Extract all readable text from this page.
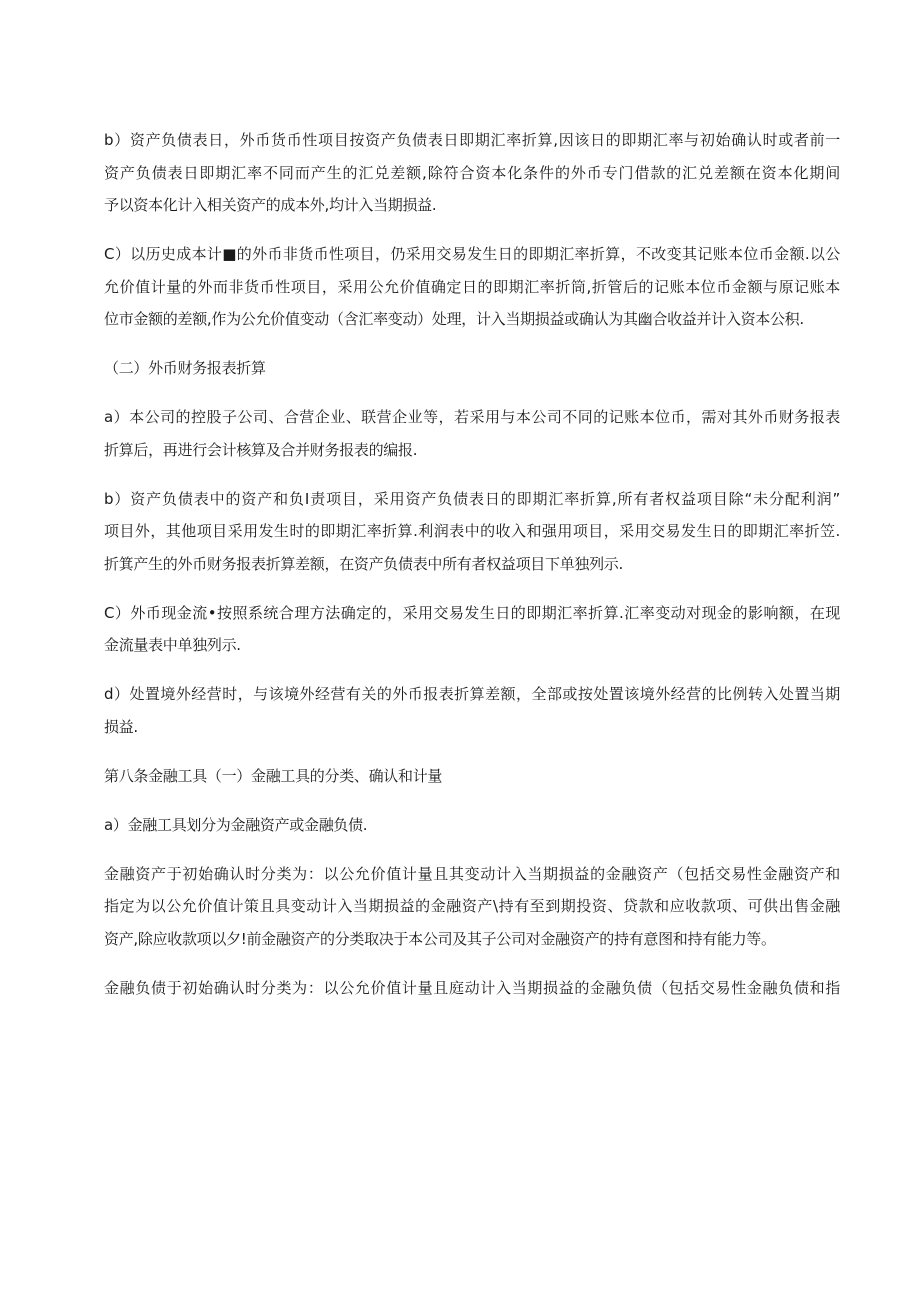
b）资产负债表日，外币货币性项目按资产负债表日即期汇率折算,因该日的即期汇率与初始确认时或者前一
资产负债表日即期汇率不同而产生的汇兑差额,除符合资本化条件的外币专门借款的汇兑差额在资本化期间
予以资本化计入相关资产的成本外,均计入当期损益.

C）以历史成本计■的外币非货币性项目，仍采用交易发生日的即期汇率折算，不改变其记账本位币金额.以公
允价值计量的外而非货币性项目，采用公允价值确定日的即期汇率折筒,折管后的记账本位币金额与原记账本
位市金额的差额,作为公允价值变动（含汇率变动）处理，计入当期损益或确认为其幽合收益并计入资本公积.

（二）外币财务报表折算

a）本公司的控股子公司、合营企业、联营企业等，若采用与本公司不同的记账本位币，需对其外币财务报表
折算后，再进行会计核算及合并财务报表的编报.

b）资产负债表中的资产和负I责项目，采用资产负债表日的即期汇率折算,所有者权益项目除“未分配利润”
项目外，其他项目采用发生时的即期汇率折算.利润表中的收入和强用项目，采用交易发生日的即期汇率折笠.
折箕产生的外币财务报表折算差额，在资产负债表中所有者权益项目下单独列示.

C）外币现金流•按照系统合理方法确定的，采用交易发生日的即期汇率折算.汇率变动对现金的影响额，在现
金流量表中单独列示.

d）处置境外经营时，与该境外经营有关的外币报表折算差额，全部或按处置该境外经营的比例转入处置当期
损益.

第八条金融工具（一）金融工具的分类、确认和计量

a）金融工具划分为金融资产或金融负债.

金融资产于初始确认时分类为：以公允价值计量且其变动计入当期损益的金融资产（包括交易性金融资产和
指定为以公允价值计策且具变动计入当期损益的金融资产\持有至到期投资、贷款和应收款项、可供出售金融
资产,除应收款项以夕!前金融资产的分类取决于本公司及其子公司对金融资产的持有意图和持有能力等。

金融负债于初始确认时分类为：以公允价值计量且庭动计入当期损益的金融负债（包括交易性金融负债和指
